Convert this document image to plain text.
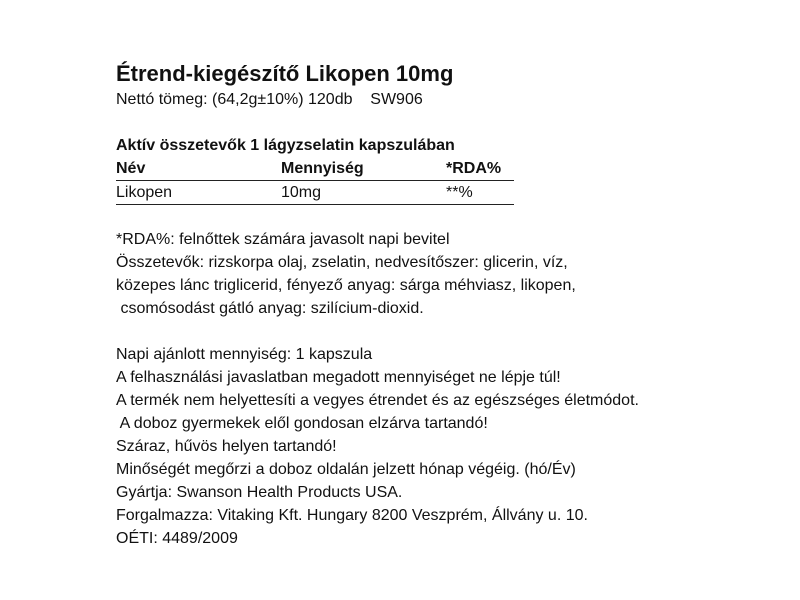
Étrend-kiegészítő Likopen 10mg
Nettó tömeg: (64,2g±10%) 120db    SW906
Aktív összetevők 1 lágyzselatin kapszulában
Név	Mennyiség	*RDA%
Likopen	10mg	**%
*RDA%: felnőttek számára javasolt napi bevitel
Összetevők: rizskorpa olaj, zselatin, nedvesítőszer: glicerin, víz,
közepes lánc triglicerid, fényező anyag: sárga méhviasz, likopen,
csomósodást gátló anyag: szilícium-dioxid.
Napi ajánlott mennyiség: 1 kapszula
A felhasználási javaslatban megadott mennyiséget ne lépje túl!
A termék nem helyettesíti a vegyes étrendet és az egészséges életmódot.
A doboz gyermekek elől gondosan elzárva tartandó!
Száraz, hűvös helyen tartandó!
Minőségét megőrzi a doboz oldalán jelzett hónap végéig. (hó/Év)
Gyártja: Swanson Health Products USA.
Forgalmazza: Vitaking Kft. Hungary 8200 Veszprém, Állvány u. 10.
OÉTI: 4489/2009
